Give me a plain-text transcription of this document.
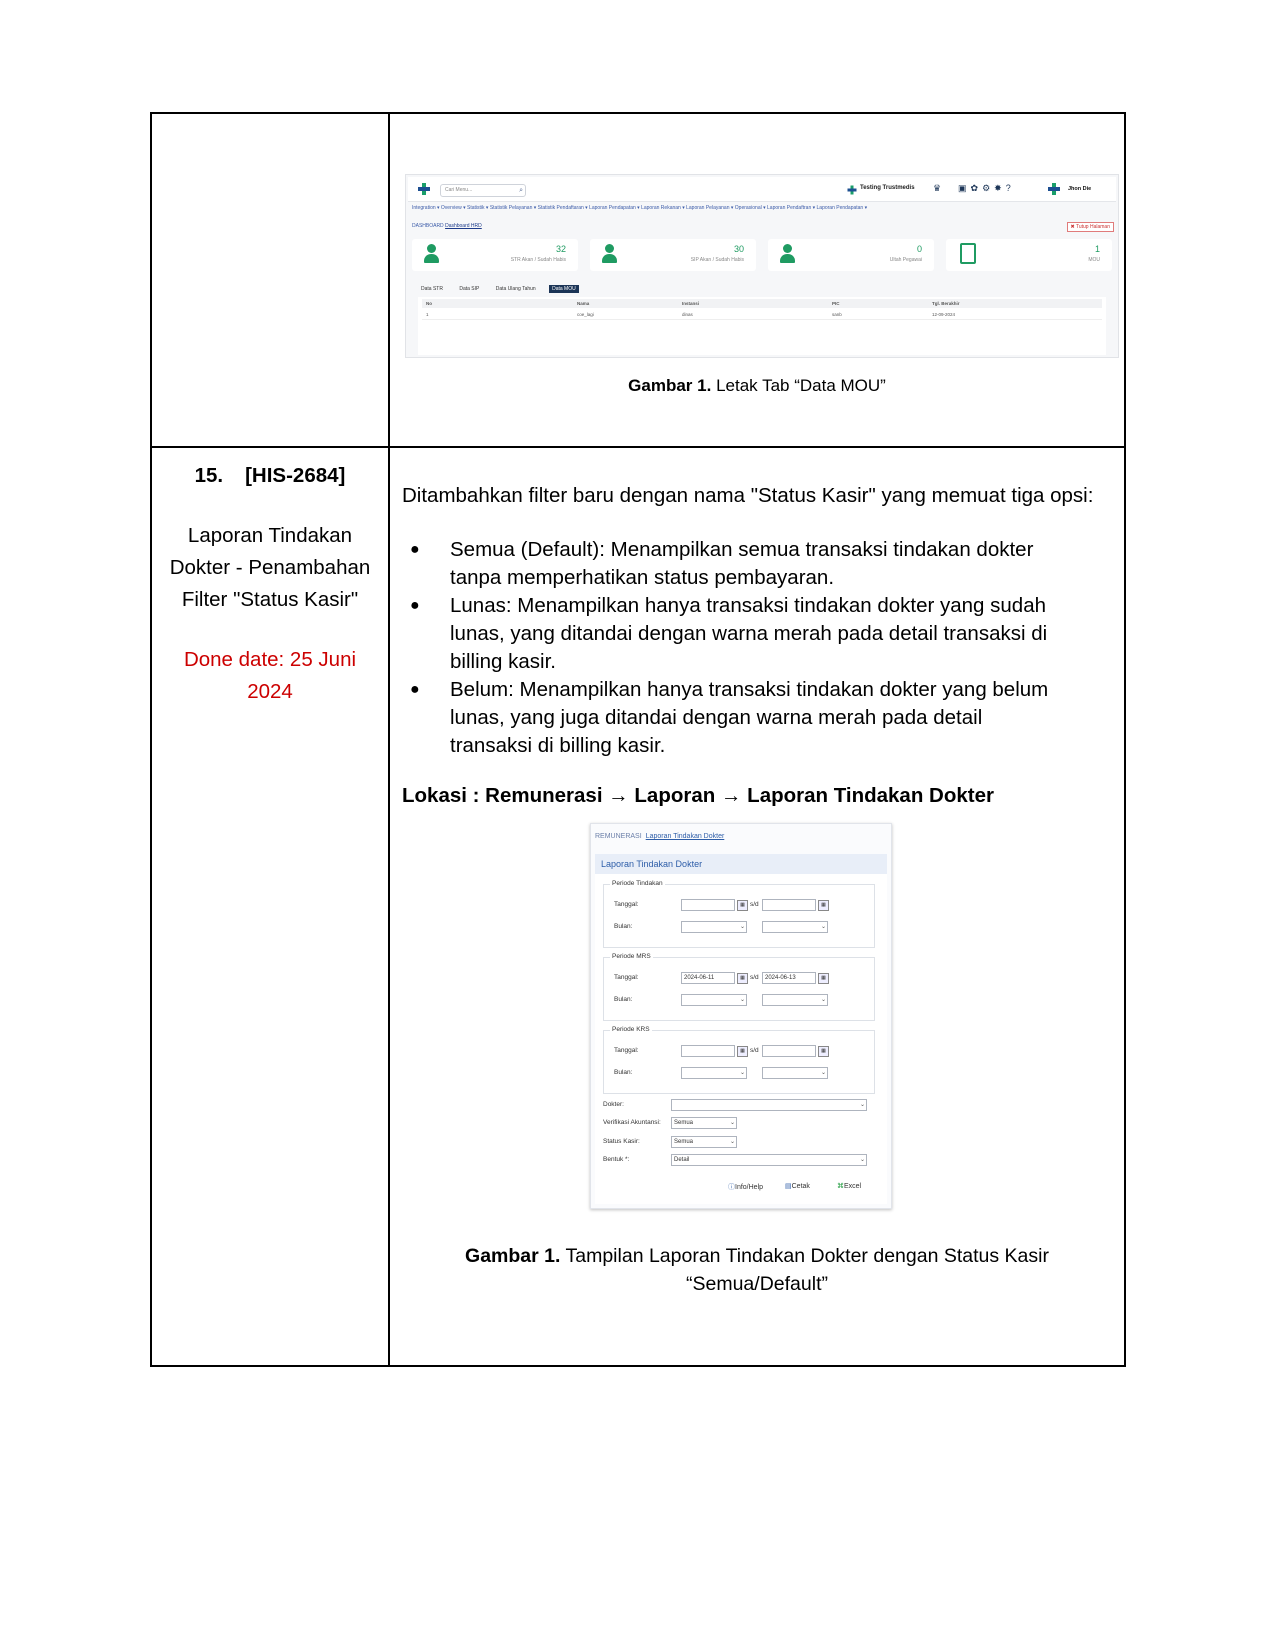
Cari Menu...	⌕	Testing Trustmedis ♛ ▣✿⚙✸?	Jhon Die
Integration ▾ Overview ▾ Statistik ▾ Statistik Pelayanan ▾ Statistik Pendaftaran ▾ Laporan Pendapatan ▾ Laporan Rekanan ▾ Laporan Pelayanan ▾ Operasional ▾ Laporan Pendaftran ▾ Laporan Pendapatan ▾
DASHBOARD Dashboard HRD	✖ Tutup Halaman
32
STR Akan / Sudah Habis
30
SIP Akan / Sudah Habis
0
Ultah Pegawai
1
MOU
Data STR	Data SIP	Data Ulang Tahun	Data MOU
No	Nama	Instansi	PIC	Tgl. Berakhir
1	coe_lagi	dinas	sanb	12-09-2024
Gambar 1. Letak Tab “Data MOU”
15. [HIS-2684]
Laporan Tindakan
Dokter - Penambahan
Filter "Status Kasir"
Done date: 25 Juni
2024
Ditambahkan filter baru dengan nama "Status Kasir" yang memuat tiga opsi:
● Semua (Default): Menampilkan semua transaksi tindakan dokter
tanpa memperhatikan status pembayaran.
● Lunas: Menampilkan hanya transaksi tindakan dokter yang sudah
lunas, yang ditandai dengan warna merah pada detail transaksi di
billing kasir.
● Belum: Menampilkan hanya transaksi tindakan dokter yang belum
lunas, yang juga ditandai dengan warna merah pada detail
transaksi di billing kasir.
Lokasi : Remunerasi → Laporan → Laporan Tindakan Dokter
REMUNERASI Laporan Tindakan Dokter
Laporan Tindakan Dokter
Periode Tindakan
Tanggal:	▦ s/d	▦
Bulan:	⌄	⌄
Periode MRS
Tanggal:	2024-06-11	▦ s/d	2024-06-13	▦
Bulan:	⌄	⌄
Periode KRS
Tanggal:	▦ s/d	▦
Bulan:	⌄	⌄
Dokter:	⌄
Verifikasi Akuntansi:	Semua	⌄
Status Kasir:	Semua	⌄
Bentuk *:	Detail	⌄
ⓘInfo/Help	▤Cetak	⌘Excel
Gambar 1. Tampilan Laporan Tindakan Dokter dengan Status Kasir
“Semua/Default”
